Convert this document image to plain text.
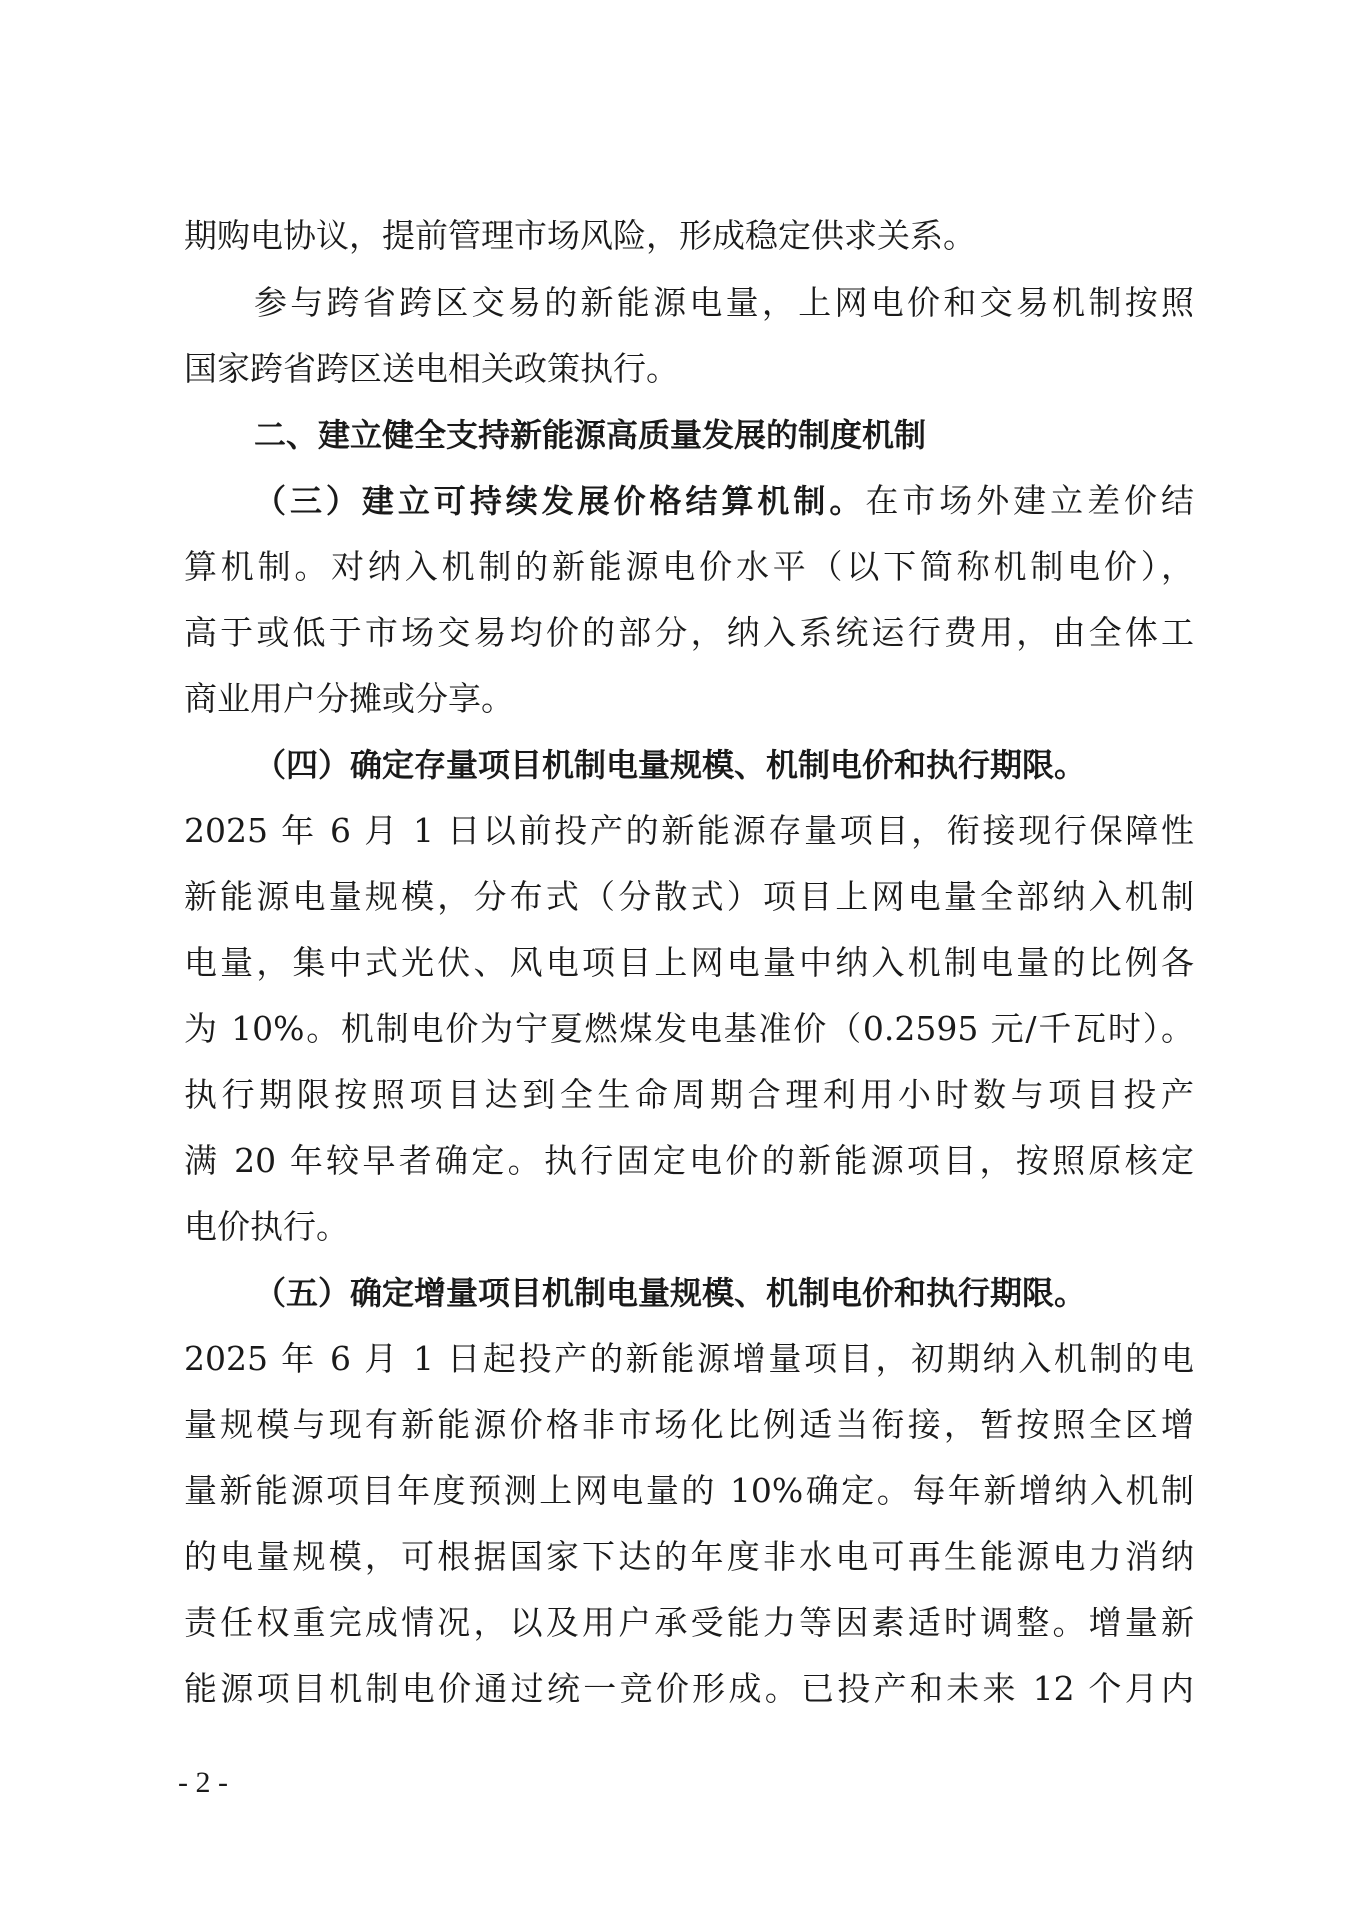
期购电协议，提前管理市场风险，形成稳定供求关系。
参与跨省跨区交易的新能源电量，上网电价和交易机制按照
国家跨省跨区送电相关政策执行。
二、建立健全支持新能源高质量发展的制度机制
（三）建立可持续发展价格结算机制。在市场外建立差价结
算机制。对纳入机制的新能源电价水平（以下简称机制电价），
高于或低于市场交易均价的部分，纳入系统运行费用，由全体工
商业用户分摊或分享。
（四）确定存量项目机制电量规模、机制电价和执行期限。
2025 年 6 月 1 日以前投产的新能源存量项目，衔接现行保障性
新能源电量规模，分布式（分散式）项目上网电量全部纳入机制
电量，集中式光伏、风电项目上网电量中纳入机制电量的比例各
为 10%。机制电价为宁夏燃煤发电基准价（0.2595 元/千瓦时）。
执行期限按照项目达到全生命周期合理利用小时数与项目投产
满 20 年较早者确定。执行固定电价的新能源项目，按照原核定
电价执行。
（五）确定增量项目机制电量规模、机制电价和执行期限。
2025 年 6 月 1 日起投产的新能源增量项目，初期纳入机制的电
量规模与现有新能源价格非市场化比例适当衔接，暂按照全区增
量新能源项目年度预测上网电量的 10%确定。每年新增纳入机制
的电量规模，可根据国家下达的年度非水电可再生能源电力消纳
责任权重完成情况，以及用户承受能力等因素适时调整。增量新
能源项目机制电价通过统一竞价形成。已投产和未来 12 个月内
- 2 -
